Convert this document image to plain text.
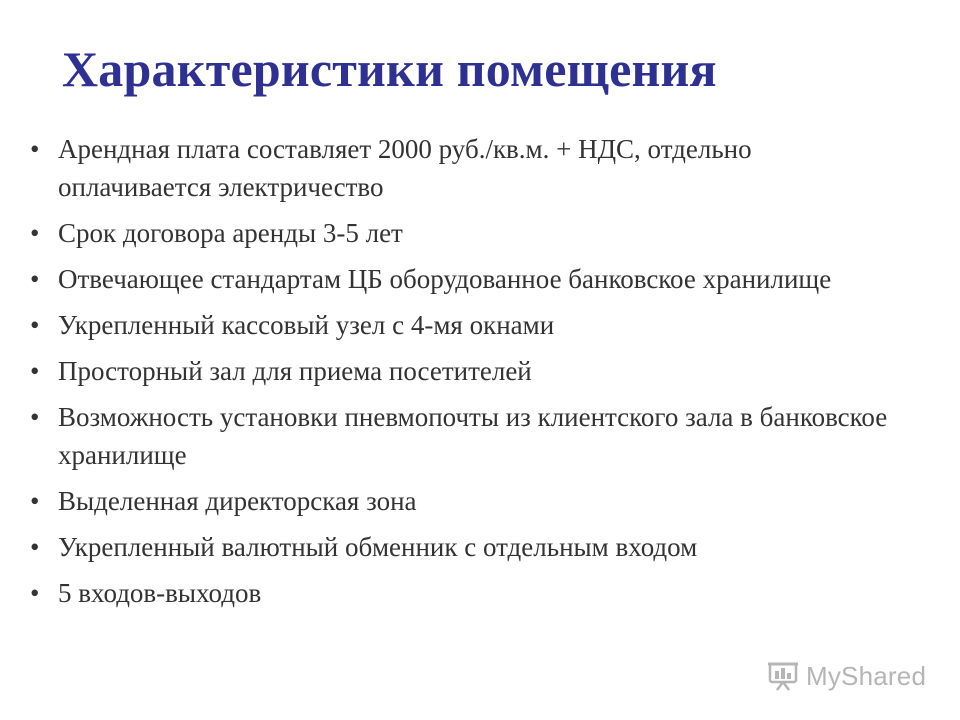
Характеристики помещения
• Арендная плата составляет 2000 руб./кв.м. + НДС, отдельно оплачивается электричество
• Срок договора аренды 3-5 лет
• Отвечающее стандартам ЦБ оборудованное банковское хранилище
• Укрепленный кассовый узел с 4-мя окнами
• Просторный зал для приема посетителей
• Возможность установки пневмопочты из клиентского зала в банковское хранилище
• Выделенная директорская зона
• Укрепленный валютный обменник с отдельным входом
• 5 входов-выходов
MyShared
